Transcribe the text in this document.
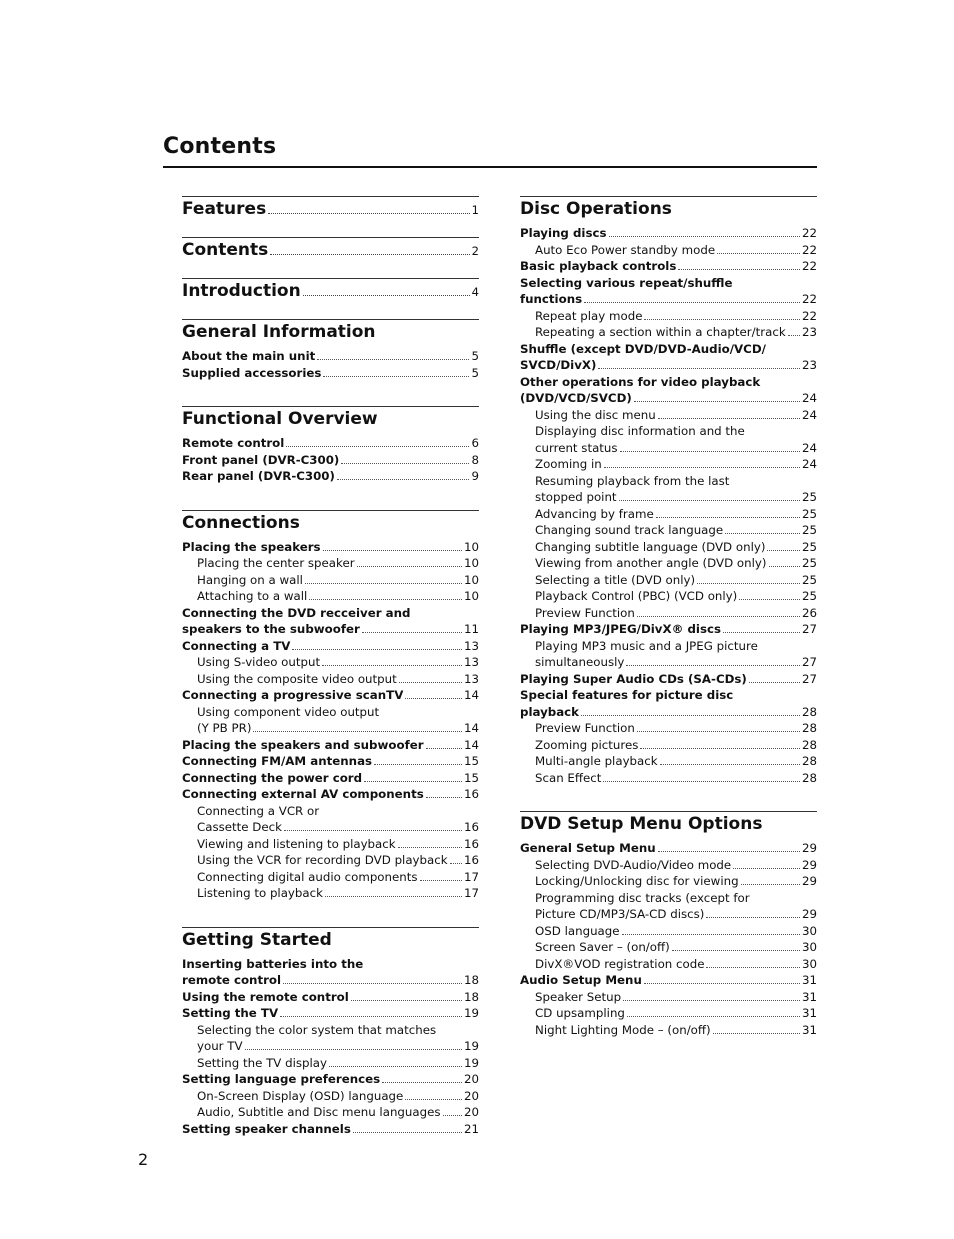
Contents
Features	1
Contents	2
Introduction	4
General Information
About the main unit	5
Supplied accessories	5
Functional Overview
Remote control	6
Front panel (DVR-C300)	8
Rear panel (DVR-C300)	9
Connections
Placing the speakers	10
Placing the center speaker	10
Hanging on a wall	10
Attaching to a wall	10
Connecting the DVD recceiver and
speakers to the subwoofer	11
Connecting a TV	13
Using S-video output	13
Using the composite video output	13
Connecting a progressive scanTV	14
Using component video output
(Y PB PR)	14
Placing the speakers and subwoofer	14
Connecting FM/AM antennas	15
Connecting the power cord	15
Connecting external AV components	16
Connecting a VCR or
Cassette Deck	16
Viewing and listening to playback	16
Using the VCR for recording DVD playback 16
Connecting digital audio components	17
Listening to playback	17
Getting Started
Inserting batteries into the
remote control	18
Using the remote control	18
Setting the TV	19
Selecting the color system that matches
your TV	19
Setting the TV display	19
Setting language preferences	20
On-Screen Display (OSD) language	20
Audio, Subtitle and Disc menu languages 20
Setting speaker channels	21
Disc Operations
Playing discs	22
Auto Eco Power standby mode	22
Basic playback controls	22
Selecting various repeat/shuffle
functions	22
Repeat play mode	22
Repeating a section within a chapter/track 23
Shuffle (except DVD/DVD-Audio/VCD/
SVCD/DivX)	23
Other operations for video playback
(DVD/VCD/SVCD)	24
Using the disc menu	24
Displaying disc information and the
current status	24
Zooming in	24
Resuming playback from the last
stopped point	25
Advancing by frame	25
Changing sound track language	25
Changing subtitle language (DVD only)	25
Viewing from another angle (DVD only)	25
Selecting a title (DVD only)	25
Playback Control (PBC) (VCD only)	25
Preview Function	26
Playing MP3/JPEG/DivX® discs	27
Playing MP3 music and a JPEG picture
simultaneously	27
Playing Super Audio CDs (SA-CDs)	27
Special features for picture disc
playback	28
Preview Function	28
Zooming pictures	28
Multi-angle playback	28
Scan Effect	28
DVD Setup Menu Options
General Setup Menu	29
Selecting DVD-Audio/Video mode	29
Locking/Unlocking disc for viewing	29
Programming disc tracks (except for
Picture CD/MP3/SA-CD discs)	29
OSD language	30
Screen Saver – (on/off)	30
DivX®VOD registration code	30
Audio Setup Menu	31
Speaker Setup	31
CD upsampling	31
Night Lighting Mode – (on/off)	31
2
